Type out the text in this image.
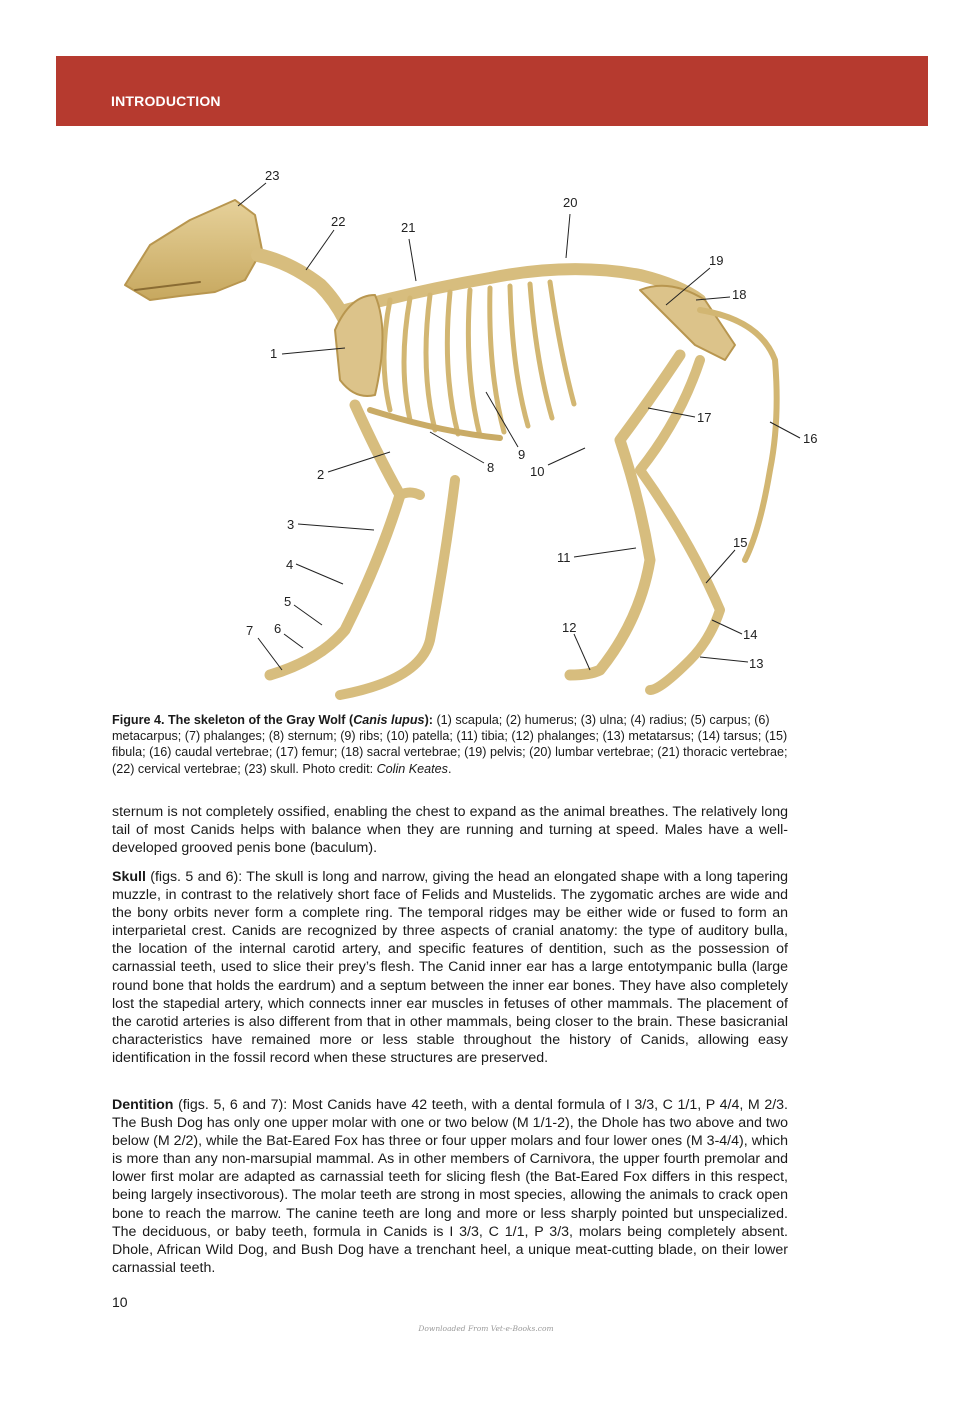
INTRODUCTION
1
2
3
4
5
6
7
8
9
10
11
12
13
14
15
16
17
18
19
20
21
22
23

Figure 4. The skeleton of the Gray Wolf (Canis lupus): (1) scapula; (2) humerus; (3) ulna; (4) radius; (5) carpus; (6) metacarpus; (7) phalanges; (8) sternum; (9) ribs; (10) patella; (11) tibia; (12) phalanges; (13) metatarsus; (14) tarsus; (15) fibula; (16) caudal vertebrae; (17) femur; (18) sacral vertebrae; (19) pelvis; (20) lumbar vertebrae; (21) thoracic vertebrae; (22) cervical vertebrae; (23) skull. Photo credit: Colin Keates.

sternum is not completely ossified, enabling the chest to expand as the animal breathes. The relatively long tail of most Canids helps with balance when they are running and turning at speed. Males have a well-developed grooved penis bone (baculum).

Skull (figs. 5 and 6): The skull is long and narrow, giving the head an elongated shape with a long tapering muzzle, in contrast to the relatively short face of Felids and Mustelids. The zygomatic arches are wide and the bony orbits never form a complete ring. The temporal ridges may be either wide or fused to form an interparietal crest. Canids are recognized by three aspects of cranial anatomy: the type of auditory bulla, the location of the internal carotid artery, and specific features of dentition, such as the possession of carnassial teeth, used to slice their prey’s flesh. The Canid inner ear has a large entotympanic bulla (large round bone that holds the eardrum) and a septum between the inner ear bones. They have also completely lost the stapedial artery, which connects inner ear muscles in fetuses of other mammals. The placement of the carotid arteries is also different from that in other mammals, being closer to the brain. These basicranial characteristics have remained more or less stable throughout the history of Canids, allowing easy identification in the fossil record when these structures are preserved.

Dentition (figs. 5, 6 and 7): Most Canids have 42 teeth, with a dental formula of I 3/3, C 1/1, P 4/4, M 2/3. The Bush Dog has only one upper molar with one or two below (M 1/1-2), the Dhole has two above and two below (M 2/2), while the Bat-Eared Fox has three or four upper molars and four lower ones (M 3-4/4), which is more than any non-marsupial mammal. As in other members of Carnivora, the upper fourth premolar and lower first molar are adapted as carnassial teeth for slicing flesh (the Bat-Eared Fox differs in this respect, being largely insectivorous). The molar teeth are strong in most species, allowing the animals to crack open bone to reach the marrow. The canine teeth are long and more or less sharply pointed but unspecialized. The deciduous, or baby teeth, formula in Canids is I 3/3, C 1/1, P 3/3, molars being completely absent. Dhole, African Wild Dog, and Bush Dog have a trenchant heel, a unique meat-cutting blade, on their lower carnassial teeth.

10
Downloaded From Vet-e-Books.com
